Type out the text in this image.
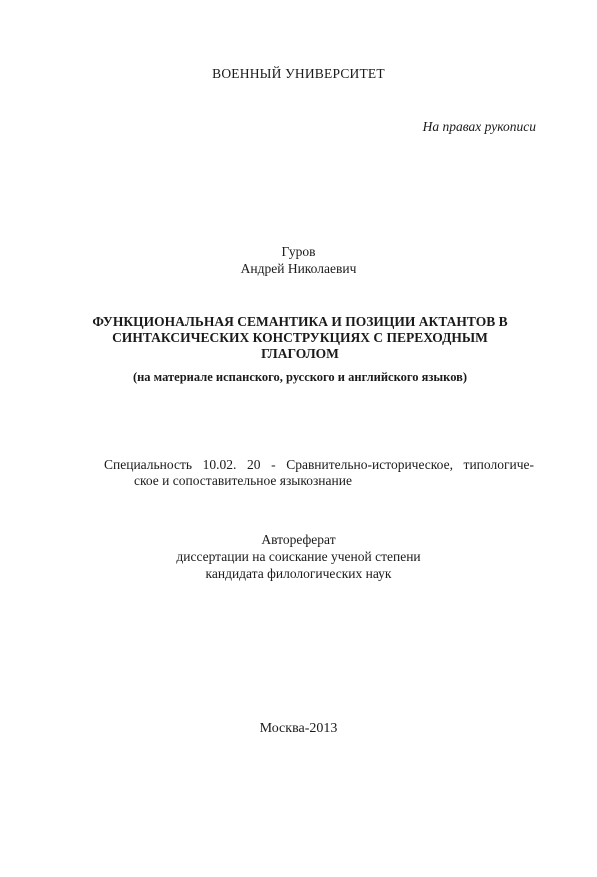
ВОЕННЫЙ УНИВЕРСИТЕТ
На правах рукописи
Гуров
Андрей Николаевич
ФУНКЦИОНАЛЬНАЯ СЕМАНТИКА И ПОЗИЦИИ АКТАНТОВ В
СИНТАКСИЧЕСКИХ КОНСТРУКЦИЯХ С ПЕРЕХОДНЫМ
ГЛАГОЛОМ
(на материале испанского, русского и английского языков)
Специальность 10.02. 20 - Сравнительно-историческое, типологиче-
ское и сопоставительное языкознание
Автореферат
диссертации на соискание ученой степени
кандидата филологических наук
Москва-2013
